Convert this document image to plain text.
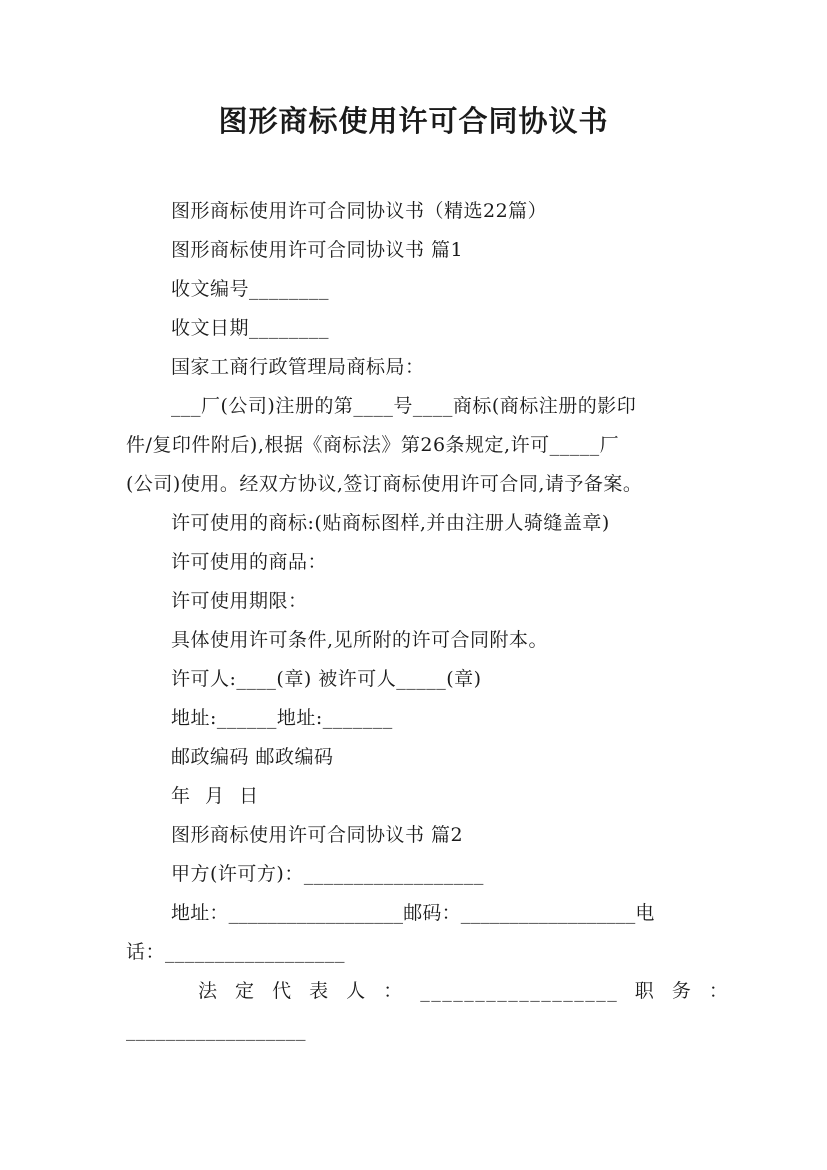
图形商标使用许可合同协议书
图形商标使用许可合同协议书（精选22篇）
图形商标使用许可合同协议书 篇1
收文编号________
收文日期________
国家工商行政管理局商标局：
___厂(公司)注册的第____号____商标(商标注册的影印
件/复印件附后),根据《商标法》第26条规定,许可_____厂
(公司)使用。经双方协议,签订商标使用许可合同,请予备案。
许可使用的商标:(贴商标图样,并由注册人骑缝盖章)
许可使用的商品：
许可使用期限：
具体使用许可条件,见所附的许可合同附本。
许可人:____(章) 被许可人_____(章)
地址:______地址:_______
邮政编码 邮政编码
年 月 日
图形商标使用许可合同协议书 篇2
甲方(许可方)：__________________
地址：__________________邮码：__________________电
话：__________________
法 定 代 表 人 ： __________________ 职 务 ：
__________________
